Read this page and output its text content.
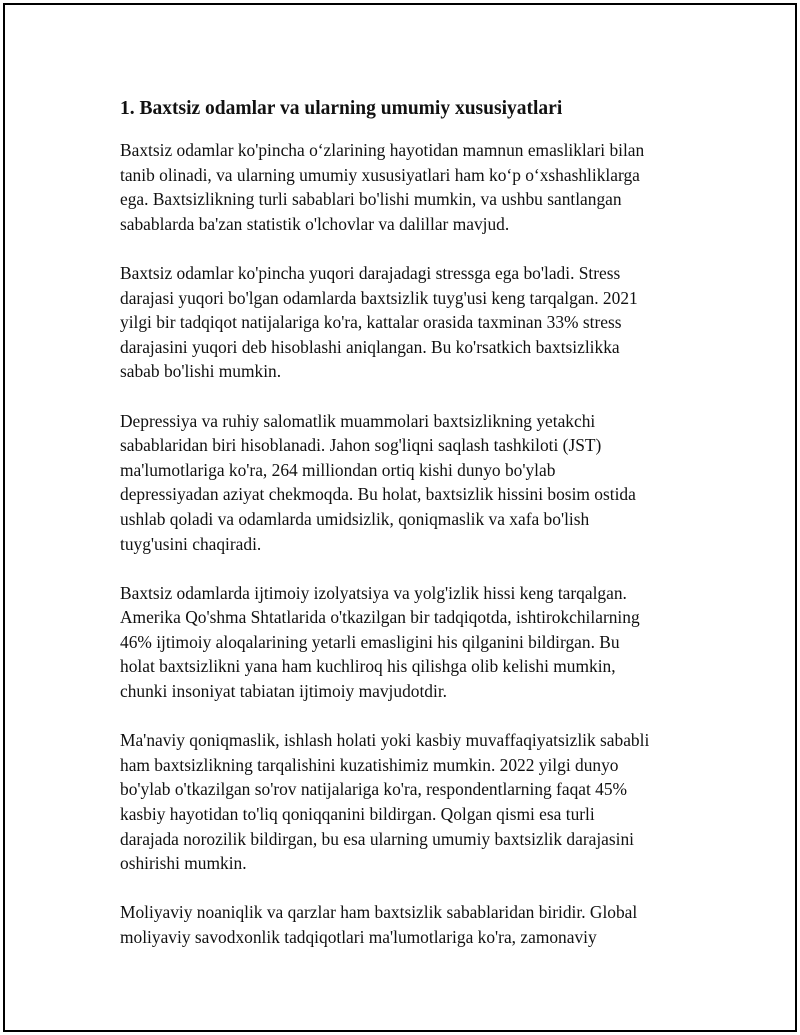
1. Baxtsiz odamlar va ularning umumiy xususiyatlari

Baxtsiz odamlar ko'pincha o‘zlarining hayotidan mamnun emasliklari bilan
tanib olinadi, va ularning umumiy xususiyatlari ham ko‘p o‘xshashliklarga
ega. Baxtsizlikning turli sabablari bo'lishi mumkin, va ushbu santlangan
sabablarda ba'zan statistik o'lchovlar va dalillar mavjud.

Baxtsiz odamlar ko'pincha yuqori darajadagi stressga ega bo'ladi. Stress
darajasi yuqori bo'lgan odamlarda baxtsizlik tuyg'usi keng tarqalgan. 2021
yilgi bir tadqiqot natijalariga ko'ra, kattalar orasida taxminan 33% stress
darajasini yuqori deb hisoblashi aniqlangan. Bu ko'rsatkich baxtsizlikka
sabab bo'lishi mumkin.

Depressiya va ruhiy salomatlik muammolari baxtsizlikning yetakchi
sabablaridan biri hisoblanadi. Jahon sog'liqni saqlash tashkiloti (JST)
ma'lumotlariga ko'ra, 264 milliondan ortiq kishi dunyo bo'ylab
depressiyadan aziyat chekmoqda. Bu holat, baxtsizlik hissini bosim ostida
ushlab qoladi va odamlarda umidsizlik, qoniqmaslik va xafa bo'lish
tuyg'usini chaqiradi.

Baxtsiz odamlarda ijtimoiy izolyatsiya va yolg'izlik hissi keng tarqalgan.
Amerika Qo'shma Shtatlarida o'tkazilgan bir tadqiqotda, ishtirokchilarning
46% ijtimoiy aloqalarining yetarli emasligini his qilganini bildirgan. Bu
holat baxtsizlikni yana ham kuchliroq his qilishga olib kelishi mumkin,
chunki insoniyat tabiatan ijtimoiy mavjudotdir.

Ma'naviy qoniqmaslik, ishlash holati yoki kasbiy muvaffaqiyatsizlik sababli
ham baxtsizlikning tarqalishini kuzatishimiz mumkin. 2022 yilgi dunyo
bo'ylab o'tkazilgan so'rov natijalariga ko'ra, respondentlarning faqat 45%
kasbiy hayotidan to'liq qoniqqanini bildirgan. Qolgan qismi esa turli
darajada norozilik bildirgan, bu esa ularning umumiy baxtsizlik darajasini
oshirishi mumkin.

Moliyaviy noaniqlik va qarzlar ham baxtsizlik sabablaridan biridir. Global
moliyaviy savodxonlik tadqiqotlari ma'lumotlariga ko'ra, zamonaviy
